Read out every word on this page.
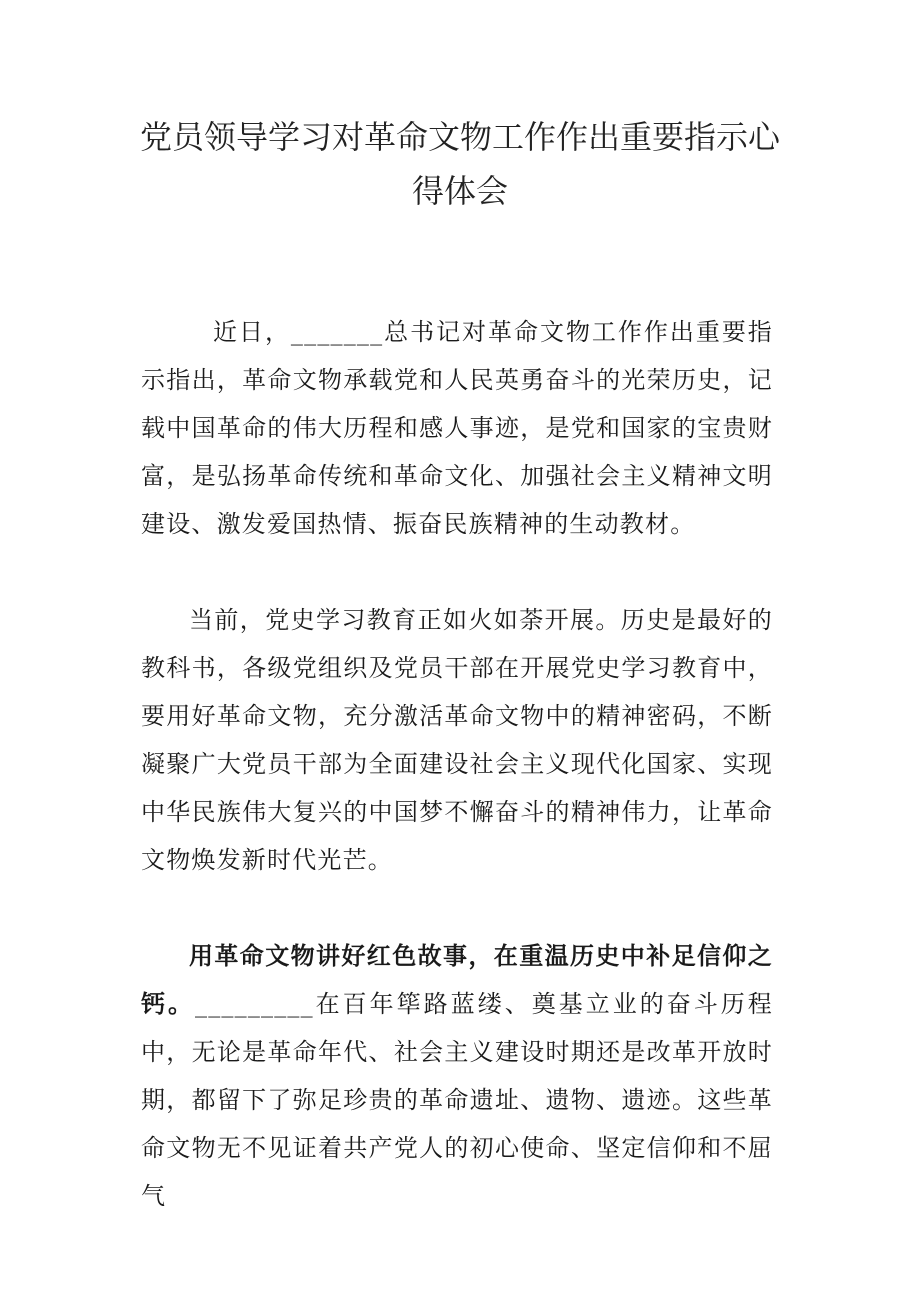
党员领导学习对革命文物工作作出重要指示心得体会

近日，_______总书记对革命文物工作作出重要指示指出，革命文物承载党和人民英勇奋斗的光荣历史，记载中国革命的伟大历程和感人事迹，是党和国家的宝贵财富，是弘扬革命传统和革命文化、加强社会主义精神文明建设、激发爱国热情、振奋民族精神的生动教材。

当前，党史学习教育正如火如荼开展。历史是最好的教科书，各级党组织及党员干部在开展党史学习教育中，要用好革命文物，充分激活革命文物中的精神密码，不断凝聚广大党员干部为全面建设社会主义现代化国家、实现中华民族伟大复兴的中国梦不懈奋斗的精神伟力，让革命文物焕发新时代光芒。

用革命文物讲好红色故事，在重温历史中补足信仰之钙。_________在百年筚路蓝缕、奠基立业的奋斗历程中，无论是革命年代、社会主义建设时期还是改革开放时期，都留下了弥足珍贵的革命遗址、遗物、遗迹。这些革命文物无不见证着共产党人的初心使命、坚定信仰和不屈气
